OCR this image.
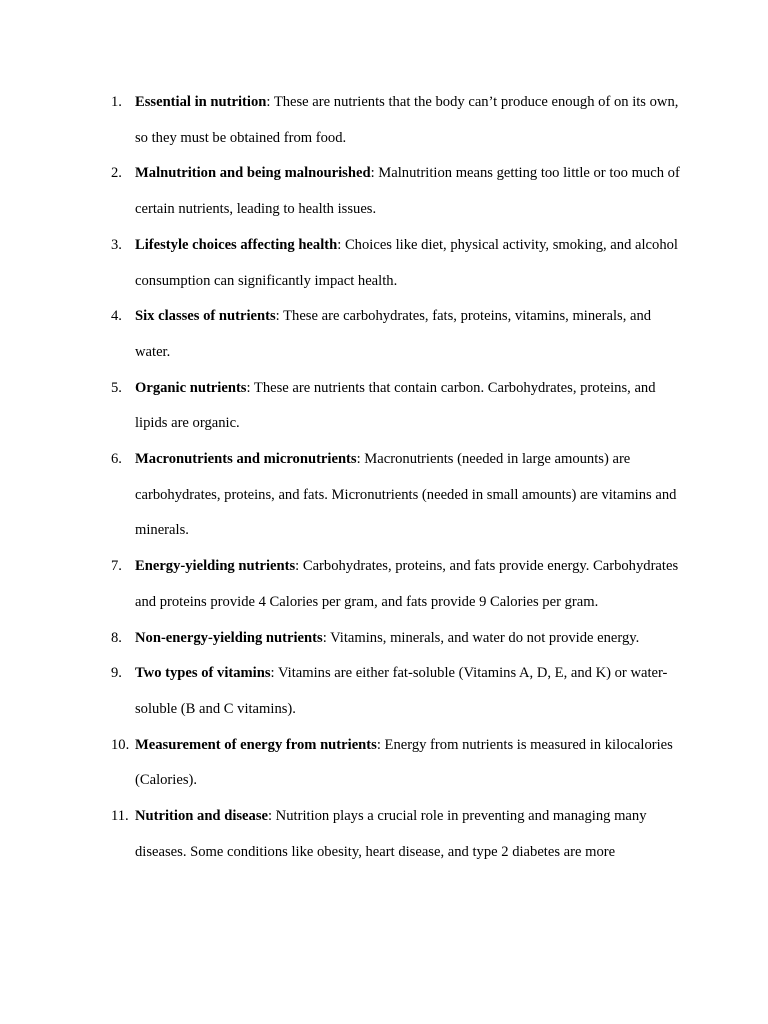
1. Essential in nutrition: These are nutrients that the body can’t produce enough of on its own, so they must be obtained from food.
2. Malnutrition and being malnourished: Malnutrition means getting too little or too much of certain nutrients, leading to health issues.
3. Lifestyle choices affecting health: Choices like diet, physical activity, smoking, and alcohol consumption can significantly impact health.
4. Six classes of nutrients: These are carbohydrates, fats, proteins, vitamins, minerals, and water.
5. Organic nutrients: These are nutrients that contain carbon. Carbohydrates, proteins, and lipids are organic.
6. Macronutrients and micronutrients: Macronutrients (needed in large amounts) are carbohydrates, proteins, and fats. Micronutrients (needed in small amounts) are vitamins and minerals.
7. Energy-yielding nutrients: Carbohydrates, proteins, and fats provide energy. Carbohydrates and proteins provide 4 Calories per gram, and fats provide 9 Calories per gram.
8. Non-energy-yielding nutrients: Vitamins, minerals, and water do not provide energy.
9. Two types of vitamins: Vitamins are either fat-soluble (Vitamins A, D, E, and K) or water-soluble (B and C vitamins).
10. Measurement of energy from nutrients: Energy from nutrients is measured in kilocalories (Calories).
11. Nutrition and disease: Nutrition plays a crucial role in preventing and managing many diseases. Some conditions like obesity, heart disease, and type 2 diabetes are more
